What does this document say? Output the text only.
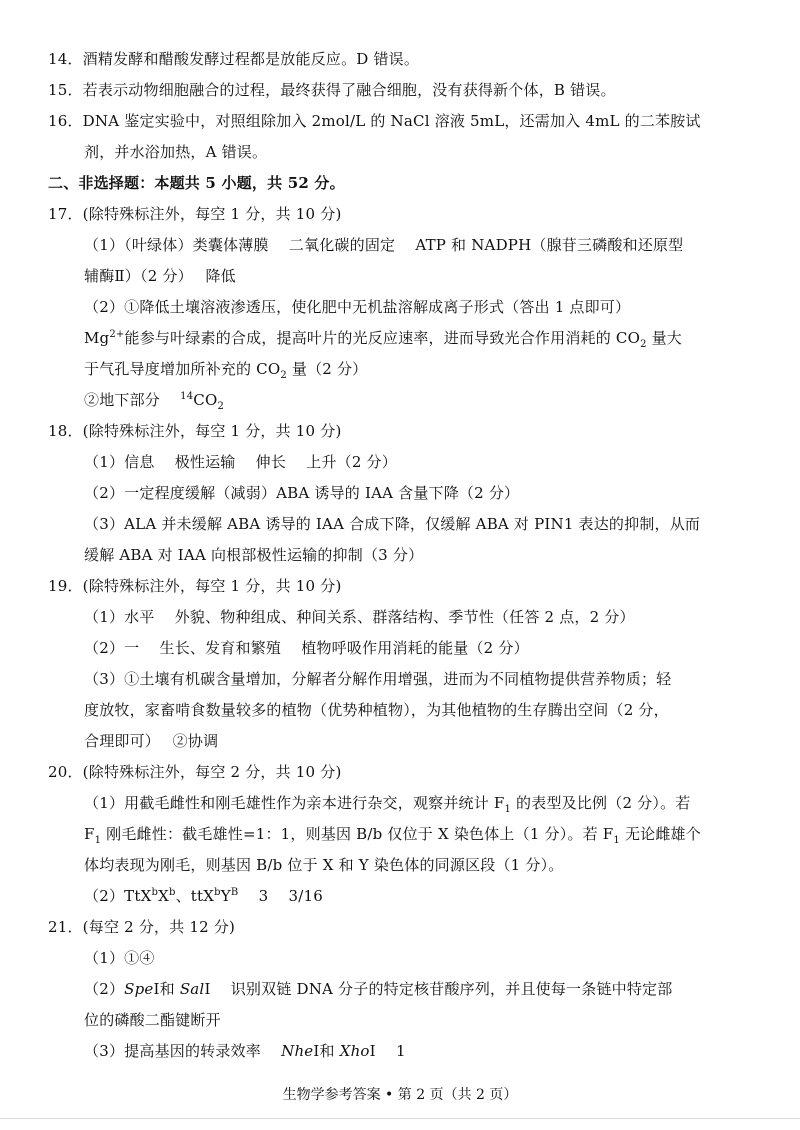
14．酒精发酵和醋酸发酵过程都是放能反应。D 错误。
15．若表示动物细胞融合的过程，最终获得了融合细胞，没有获得新个体，B 错误。
16．DNA 鉴定实验中，对照组除加入 2mol/L 的 NaCl 溶液 5mL，还需加入 4mL 的二苯胺试
剂，并水浴加热，A 错误。
二、非选择题：本题共 5 小题，共 52 分。
17．(除特殊标注外，每空 1 分，共 10 分)
（1）（叶绿体）类囊体薄膜　 二氧化碳的固定　 ATP 和 NADPH（腺苷三磷酸和还原型
辅酶Ⅱ）（2 分）　 降低
（2）①降低土壤溶液渗透压，使化肥中无机盐溶解成离子形式（答出 1 点即可）
$Mg^{2+}$能参与叶绿素的合成，提高叶片的光反应速率，进而导致光合作用消耗的 $CO_2$ 量大
于气孔导度增加所补充的 $CO_2$ 量（2 分）
②地下部分　 $^{14}CO_2$
18．(除特殊标注外，每空 1 分，共 10 分)
（1）信息　 极性运输　 伸长　 上升（2 分）
（2）一定程度缓解（减弱）ABA 诱导的 IAA 含量下降（2 分）
（3）ALA 并未缓解 ABA 诱导的 IAA 合成下降，仅缓解 ABA 对 PIN1 表达的抑制，从而
缓解 ABA 对 IAA 向根部极性运输的抑制（3 分）
19．(除特殊标注外，每空 1 分，共 10 分)
（1）水平　 外貌、物种组成、种间关系、群落结构、季节性（任答 2 点，2 分）
（2）一　 生长、发育和繁殖　 植物呼吸作用消耗的能量（2 分）
（3）①土壤有机碳含量增加，分解者分解作用增强，进而为不同植物提供营养物质；轻
度放牧，家畜啃食数量较多的植物（优势种植物），为其他植物的生存腾出空间（2 分，
合理即可）　 ②协调
20．(除特殊标注外，每空 2 分，共 10 分)
（1）用截毛雌性和刚毛雄性作为亲本进行杂交，观察并统计 $F_1$ 的表型及比例（2 分）。若
$F_1$ 刚毛雌性：截毛雄性=1：1，则基因 B/b 仅位于 X 染色体上（1 分）。若 $F_1$ 无论雌雄个
体均表现为刚毛，则基因 B/b 位于 X 和 Y 染色体的同源区段（1 分）。
$(2)TtX^bX^b$、$ttX^bY^B$　 3　 3/16
21．(每空 2 分，共 12 分)
（1）①④
（2）SpeⅠ和 SalⅠ　 识别双链 DNA 分子的特定核苷酸序列，并且使每一条链中特定部
位的磷酸二酯键断开
（3）提高基因的转录效率　 NheⅠ和 XhoⅠ　 1
生物学参考答案 • 第 2 页（共 2 页）
